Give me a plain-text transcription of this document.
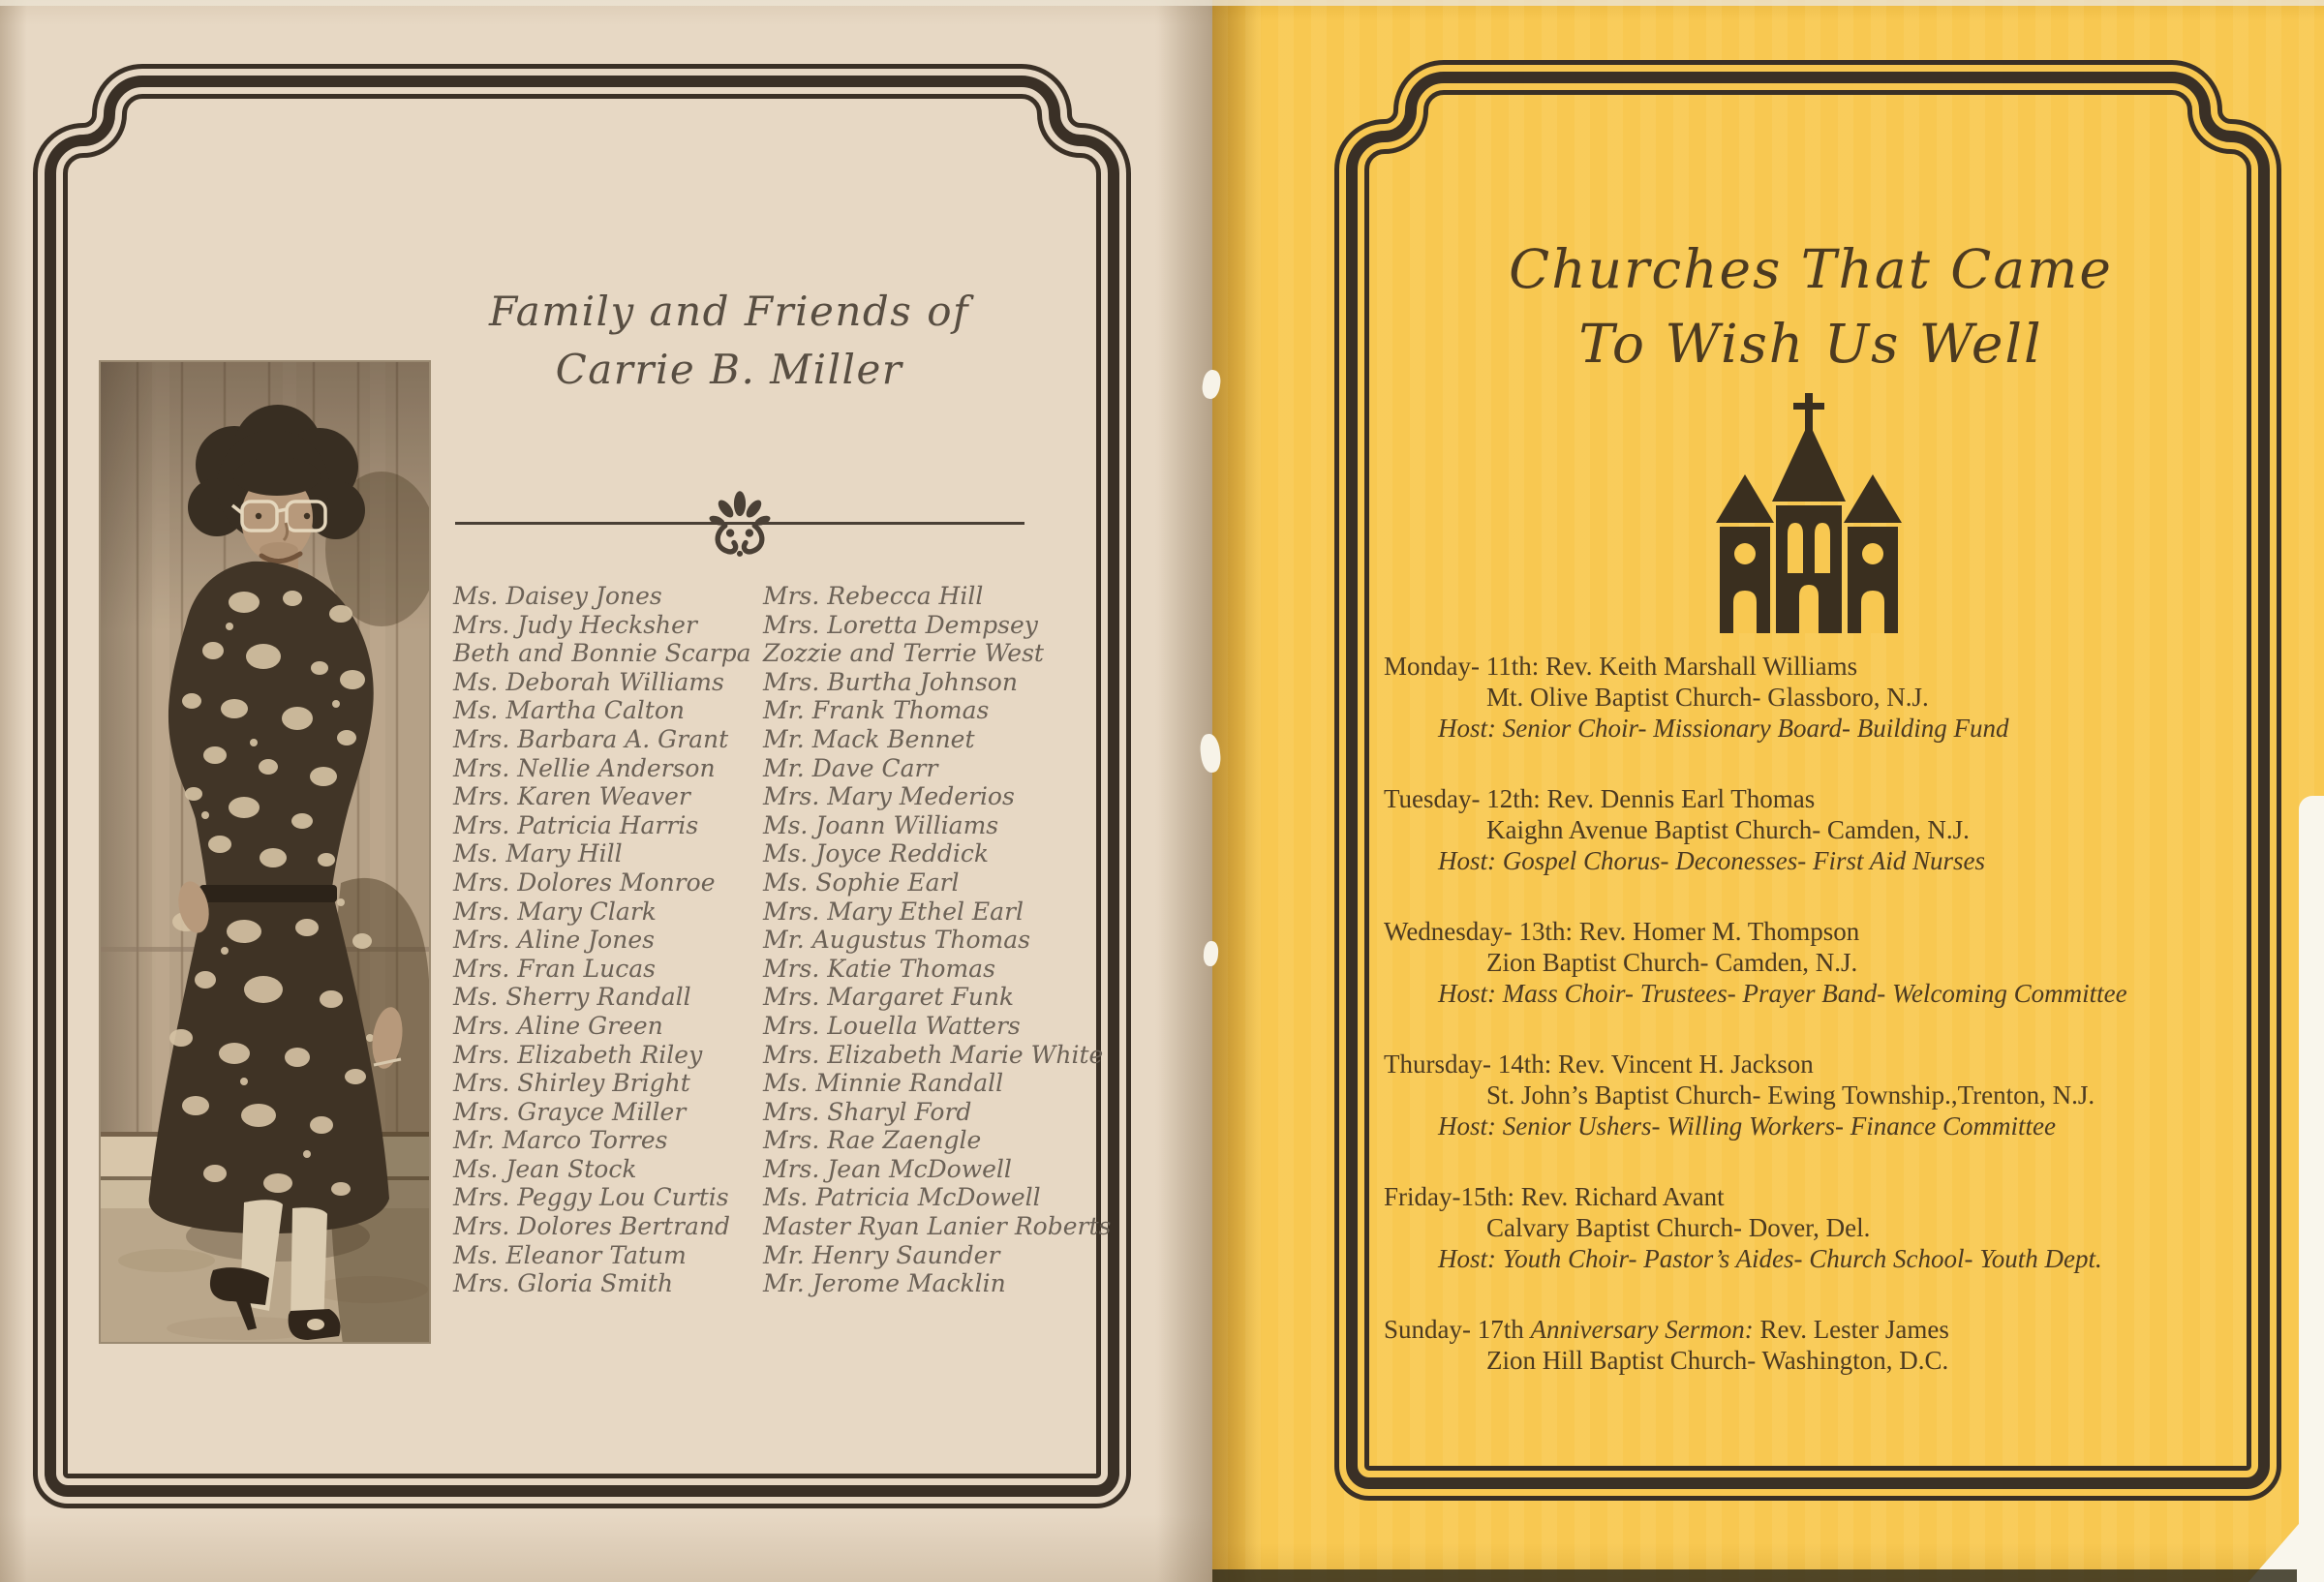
Family and Friends of
Carrie B. Miller
Ms. Daisey Jones
Mrs. Judy Hecksher
Beth and Bonnie Scarpa
Ms. Deborah Williams
Ms. Martha Calton
Mrs. Barbara A. Grant
Mrs. Nellie Anderson
Mrs. Karen Weaver
Mrs. Patricia Harris
Ms. Mary Hill
Mrs. Dolores Monroe
Mrs. Mary Clark
Mrs. Aline Jones
Mrs. Fran Lucas
Ms. Sherry Randall
Mrs. Aline Green
Mrs. Elizabeth Riley
Mrs. Shirley Bright
Mrs. Grayce Miller
Mr. Marco Torres
Ms. Jean Stock
Mrs. Peggy Lou Curtis
Mrs. Dolores Bertrand
Ms. Eleanor Tatum
Mrs. Gloria Smith
Mrs. Rebecca Hill
Mrs. Loretta Dempsey
Zozzie and Terrie West
Mrs. Burtha Johnson
Mr. Frank Thomas
Mr. Mack Bennet
Mr. Dave Carr
Mrs. Mary Mederios
Ms. Joann Williams
Ms. Joyce Reddick
Ms. Sophie Earl
Mrs. Mary Ethel Earl
Mr. Augustus Thomas
Mrs. Katie Thomas
Mrs. Margaret Funk
Mrs. Louella Watters
Mrs. Elizabeth Marie White
Ms. Minnie Randall
Mrs. Sharyl Ford
Mrs. Rae Zaengle
Mrs. Jean McDowell
Ms. Patricia McDowell
Master Ryan Lanier Roberts
Mr. Henry Saunder
Mr. Jerome Macklin
Churches That Came
To Wish Us Well
Monday- 11th: Rev. Keith Marshall Williams
Mt. Olive Baptist Church- Glassboro, N.J.
Host: Senior Choir- Missionary Board- Building Fund
Tuesday- 12th: Rev. Dennis Earl Thomas
Kaighn Avenue Baptist Church- Camden, N.J.
Host: Gospel Chorus- Deconesses- First Aid Nurses
Wednesday- 13th: Rev. Homer M. Thompson
Zion Baptist Church- Camden, N.J.
Host: Mass Choir- Trustees- Prayer Band- Welcoming Committee
Thursday- 14th: Rev. Vincent H. Jackson
St. John’s Baptist Church- Ewing Township.,Trenton, N.J.
Host: Senior Ushers- Willing Workers- Finance Committee
Friday-15th: Rev. Richard Avant
Calvary Baptist Church- Dover, Del.
Host: Youth Choir- Pastor’s Aides- Church School- Youth Dept.
Sunday- 17th Anniversary Sermon: Rev. Lester James
Zion Hill Baptist Church- Washington, D.C.
